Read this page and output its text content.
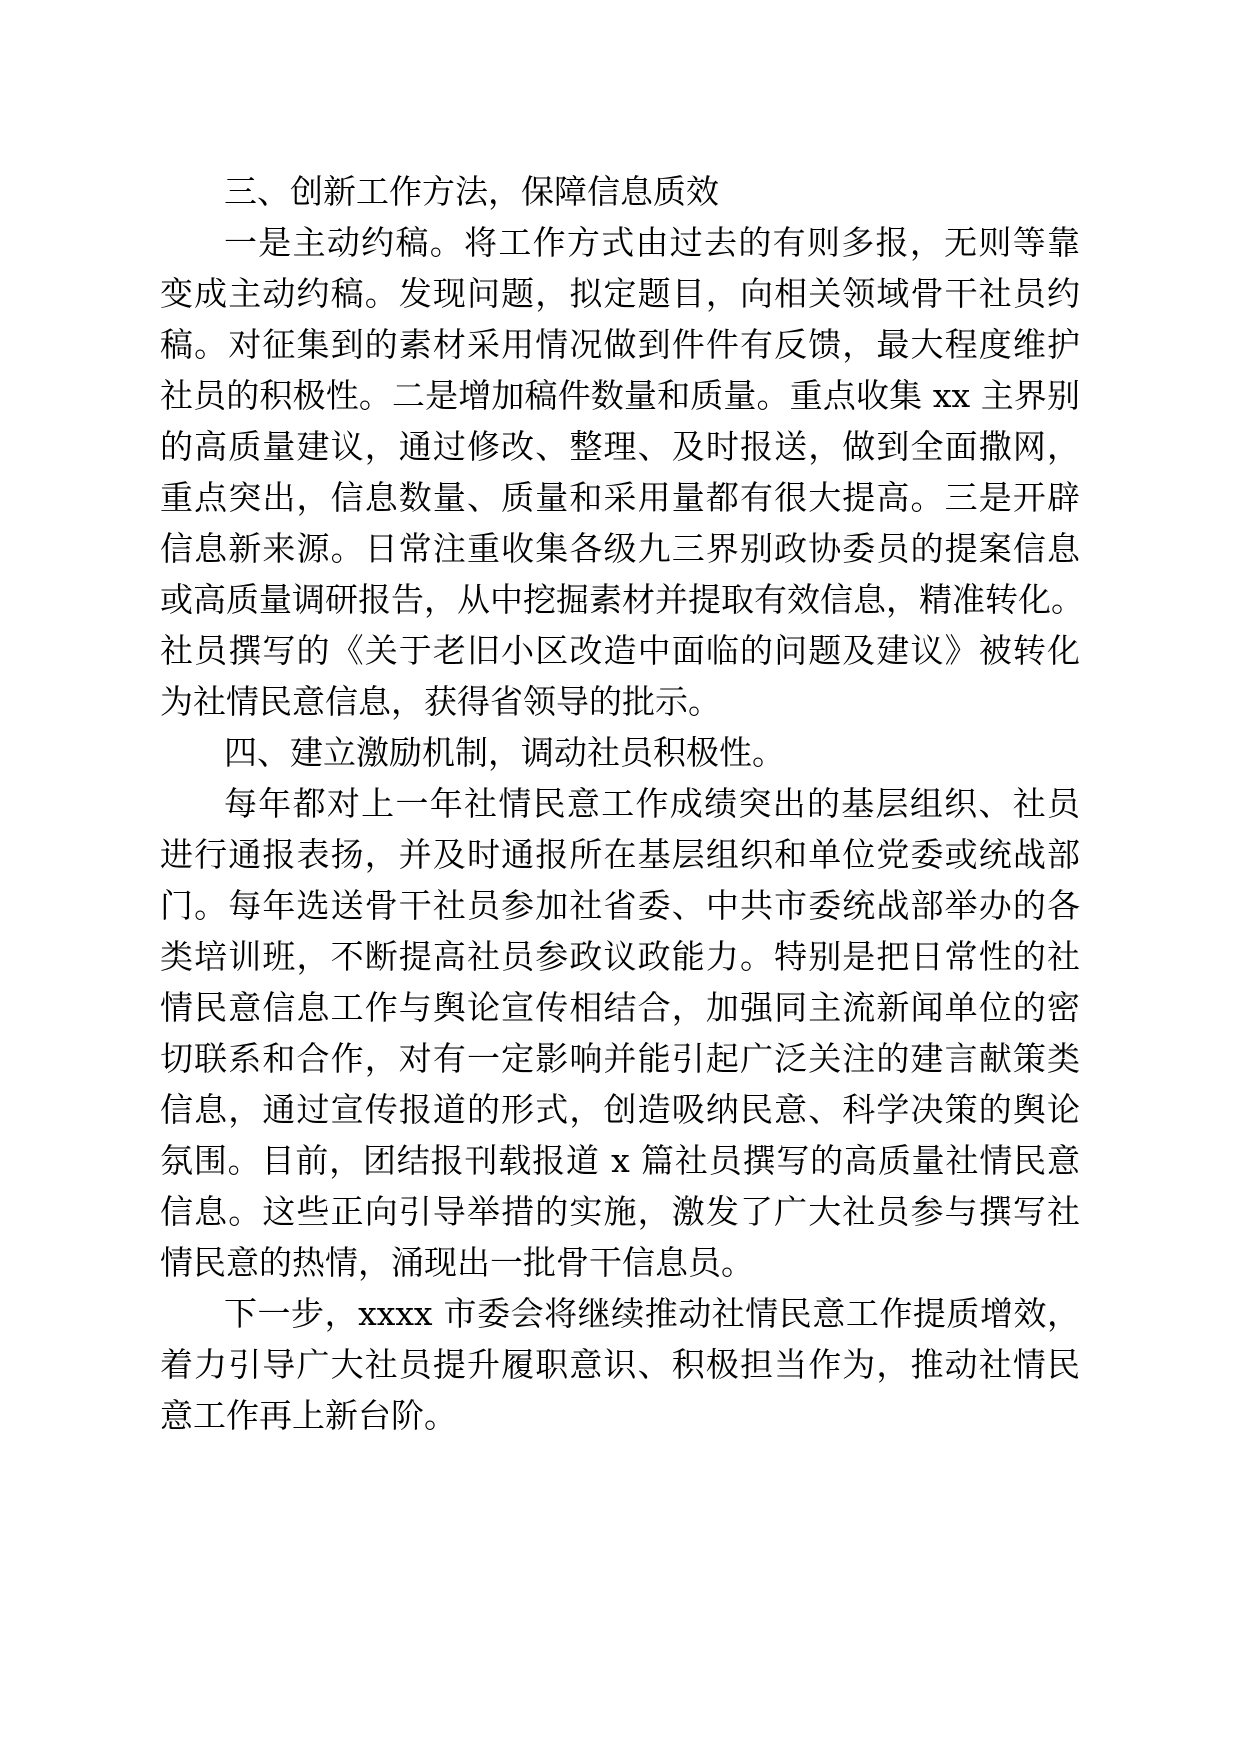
三、创新工作方法，保障信息质效
一是主动约稿。将工作方式由过去的有则多报，无则等靠
变成主动约稿。发现问题，拟定题目，向相关领域骨干社员约
稿。对征集到的素材采用情况做到件件有反馈，最大程度维护
社员的积极性。二是增加稿件数量和质量。重点收集 xx 主界别
的高质量建议，通过修改、整理、及时报送，做到全面撒网，
重点突出，信息数量、质量和采用量都有很大提高。三是开辟
信息新来源。日常注重收集各级九三界别政协委员的提案信息
或高质量调研报告，从中挖掘素材并提取有效信息，精准转化。
社员撰写的《关于老旧小区改造中面临的问题及建议》被转化
为社情民意信息，获得省领导的批示。
四、建立激励机制，调动社员积极性。
每年都对上一年社情民意工作成绩突出的基层组织、社员
进行通报表扬，并及时通报所在基层组织和单位党委或统战部
门。每年选送骨干社员参加社省委、中共市委统战部举办的各
类培训班，不断提高社员参政议政能力。特别是把日常性的社
情民意信息工作与舆论宣传相结合，加强同主流新闻单位的密
切联系和合作，对有一定影响并能引起广泛关注的建言献策类
信息，通过宣传报道的形式，创造吸纳民意、科学决策的舆论
氛围。目前，团结报刊载报道 x 篇社员撰写的高质量社情民意
信息。这些正向引导举措的实施，激发了广大社员参与撰写社
情民意的热情，涌现出一批骨干信息员。
下一步，xxxx 市委会将继续推动社情民意工作提质增效，
着力引导广大社员提升履职意识、积极担当作为，推动社情民
意工作再上新台阶。
